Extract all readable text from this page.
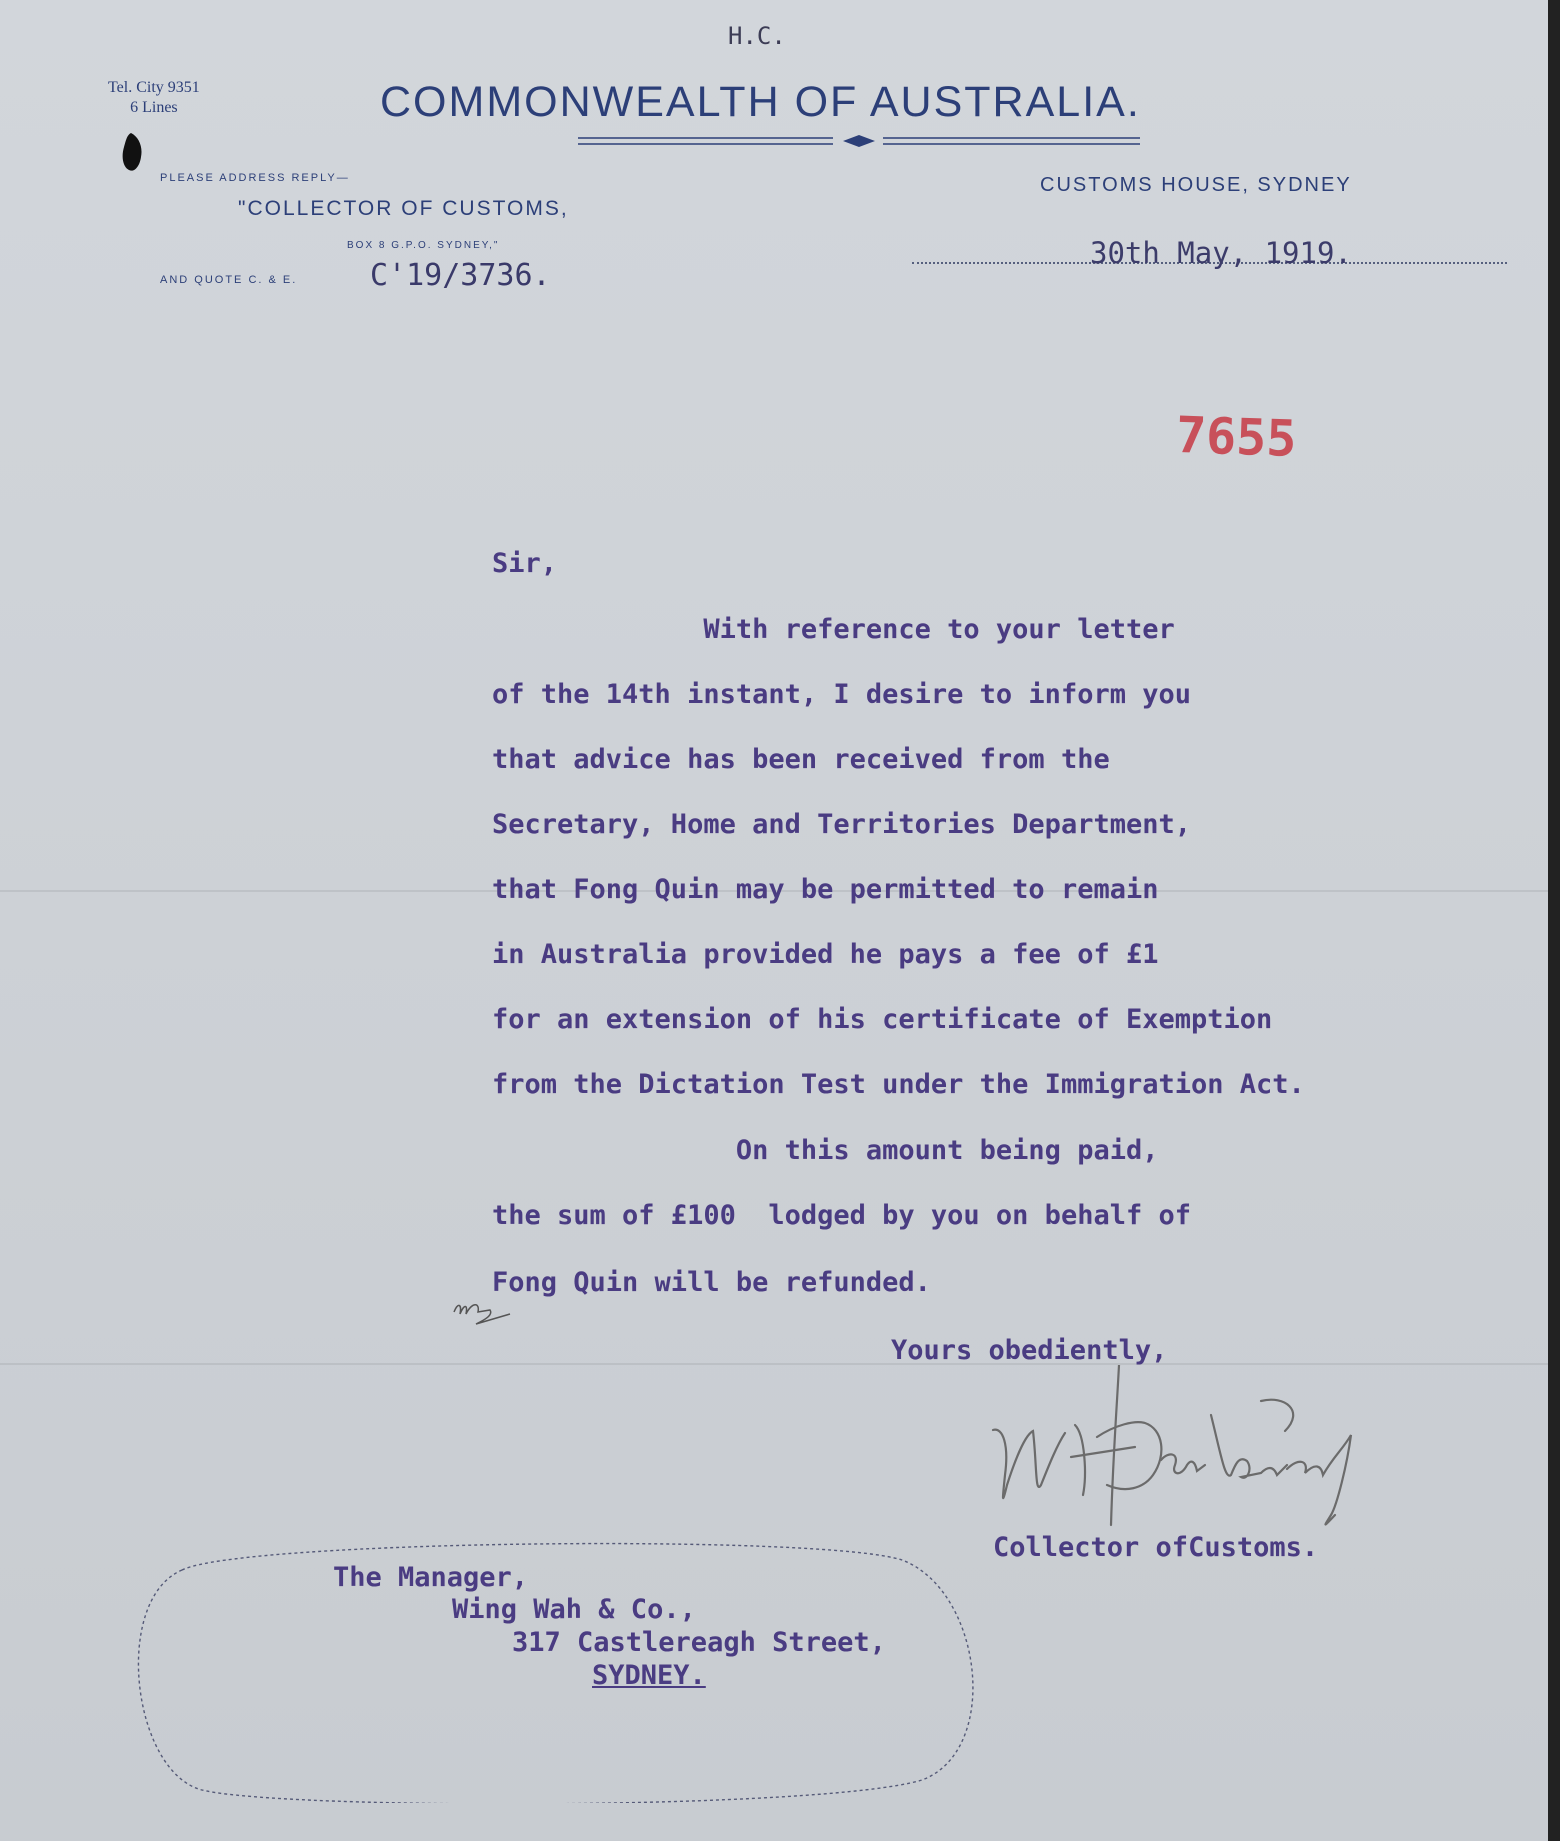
H.C.
Tel. City 9351
6 Lines	COMMONWEALTH OF AUSTRALIA.
PLEASE ADDRESS REPLY—
"COLLECTOR OF CUSTOMS,
BOX 8 G.P.O. SYDNEY,"
AND QUOTE C. & E. C'19/3736.
CUSTOMS HOUSE, SYDNEY
30th May, 1919.
7655
Sir,
With reference to your letter
of the 14th instant, I desire to inform you
that advice has been received from the
Secretary, Home and Territories Department,
that Fong Quin may be permitted to remain
in Australia provided he pays a fee of £1
for an extension of his certificate of Exemption
from the Dictation Test under the Immigration Act.
On this amount being paid,
the sum of £100  lodged by you on behalf of
Fong Quin will be refunded.
Yours obediently,
Collector ofCustoms.
The Manager,
Wing Wah & Co.,
317 Castlereagh Street,
SYDNEY.
